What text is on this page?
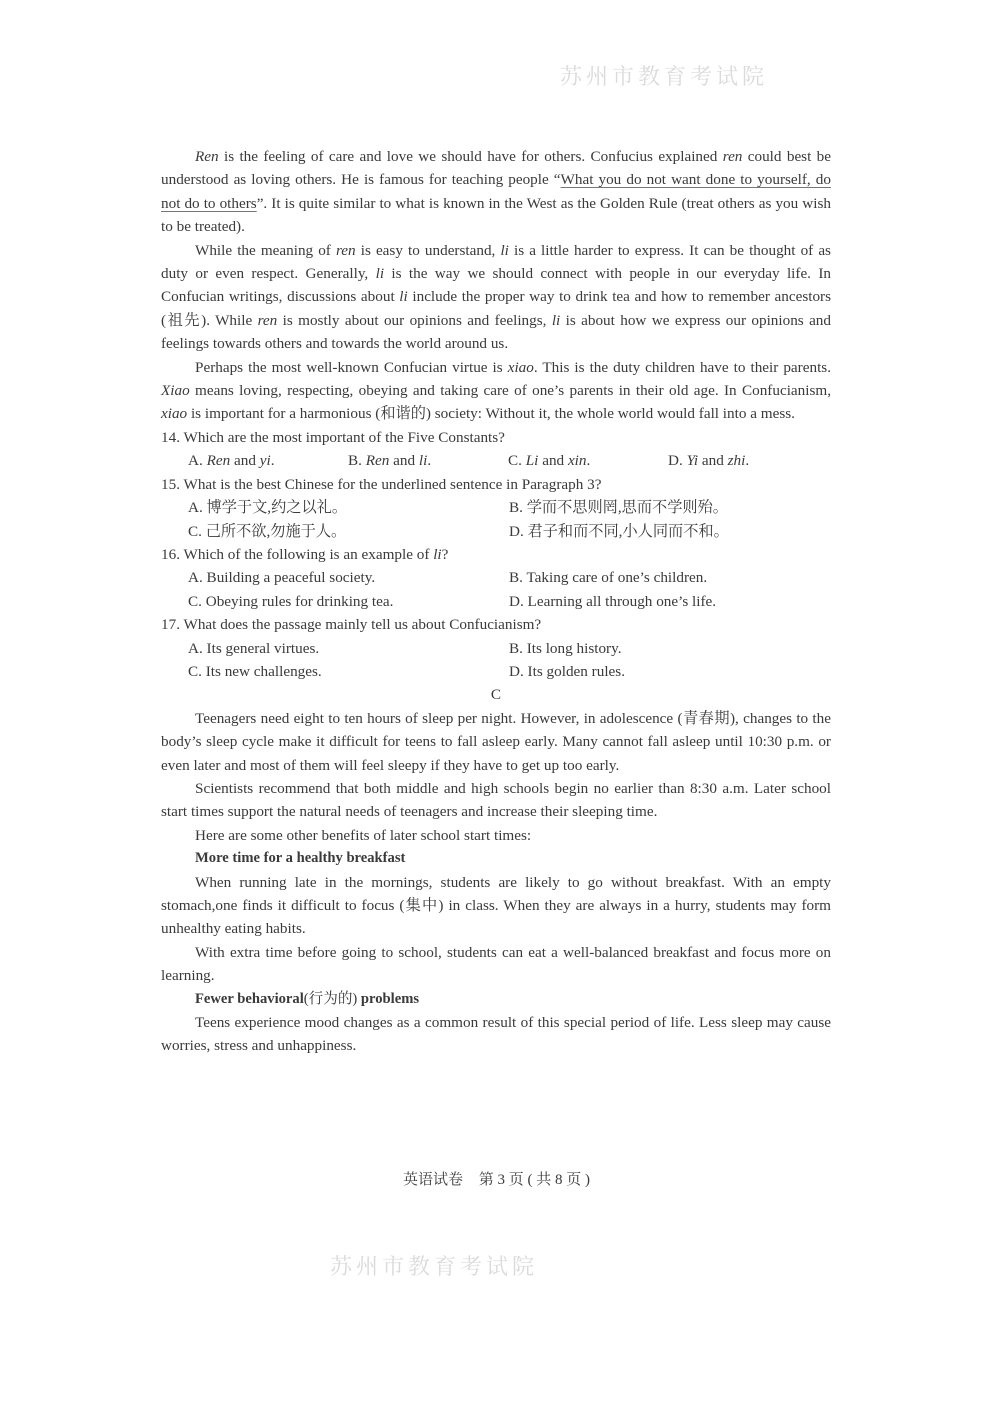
苏州市教育考试院
苏州市教育考试院

Ren is the feeling of care and love we should have for others. Confucius explained ren could best be understood as loving others. He is famous for teaching people “What you do not want done to yourself, do not do to others”. It is quite similar to what is known in the West as the Golden Rule (treat others as you wish to be treated).

While the meaning of ren is easy to understand, li is a little harder to express. It can be thought of as duty or even respect. Generally, li is the way we should connect with people in our everyday life. In Confucian writings, discussions about li include the proper way to drink tea and how to remember ancestors (祖先). While ren is mostly about our opinions and feelings, li is about how we express our opinions and feelings towards others and towards the world around us.

Perhaps the most well-known Confucian virtue is xiao. This is the duty children have to their parents. Xiao means loving, respecting, obeying and taking care of one’s parents in their old age. In Confucianism, xiao is important for a harmonious (和谐的) society: Without it, the whole world would fall into a mess.

14. Which are the most important of the Five Constants?

A. Ren and yi.	B. Ren and li.	C. Li and xin.	D. Yi and zhi.

15. What is the best Chinese for the underlined sentence in Paragraph 3?

A. 博学于文,约之以礼。	B. 学而不思则罔,思而不学则殆。
C. 己所不欲,勿施于人。	D. 君子和而不同,小人同而不和。

16. Which of the following is an example of li?

A. Building a peaceful society.	B. Taking care of one’s children.
C. Obeying rules for drinking tea.	D. Learning all through one’s life.

17. What does the passage mainly tell us about Confucianism?

A. Its general virtues.	B. Its long history.
C. Its new challenges.	D. Its golden rules.

C

Teenagers need eight to ten hours of sleep per night. However, in adolescence (青春期), changes to the body’s sleep cycle make it difficult for teens to fall asleep early. Many cannot fall asleep until 10:30 p.m. or even later and most of them will feel sleepy if they have to get up too early.

Scientists recommend that both middle and high schools begin no earlier than 8:30 a.m. Later school start times support the natural needs of teenagers and increase their sleeping time.

Here are some other benefits of later school start times:

More time for a healthy breakfast

When running late in the mornings, students are likely to go without breakfast. With an empty stomach,one finds it difficult to focus (集中) in class. When they are always in a hurry, students may form unhealthy eating habits.

With extra time before going to school, students can eat a well-balanced breakfast and focus more on learning.

Fewer behavioral(行为的) problems

Teens experience mood changes as a common result of this special period of life. Less sleep may cause worries, stress and unhappiness.

英语试卷 第 3 页 ( 共 8 页 )
